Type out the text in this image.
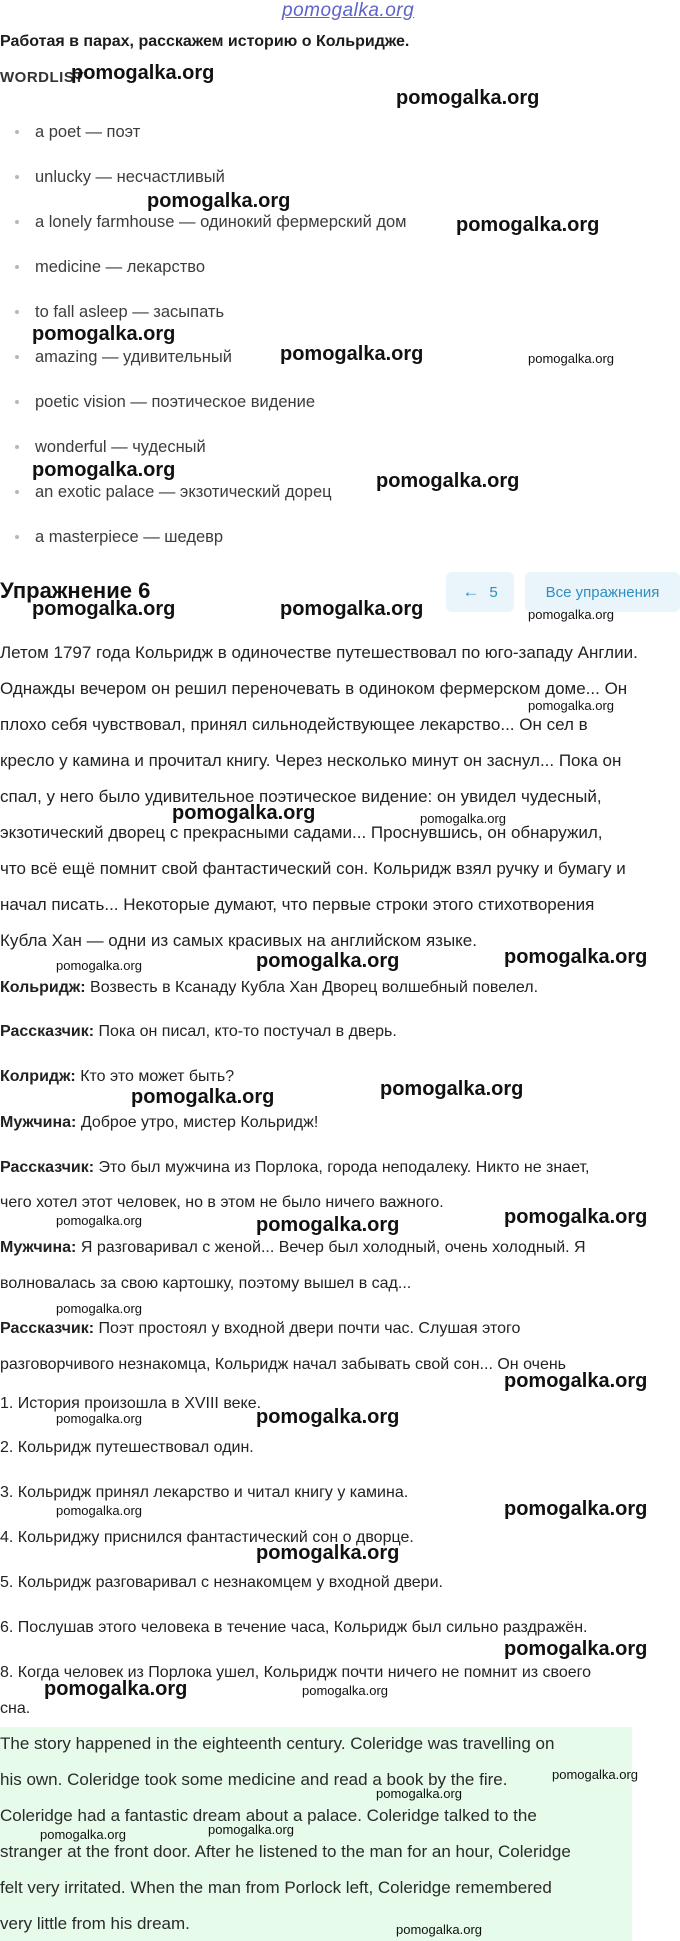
pomogalka.org
Работая в парах, расскажем историю о Кольридже.
WORDLIST
a poet — поэт
unlucky — несчастливый
a lonely farmhouse — одинокий фермерский дом
medicine — лекарство
to fall asleep — засыпать
amazing — удивительный
poetic vision — поэтическое видение
wonderful — чудесный
an exotic palace — экзотический дорец
a masterpiece — шедевр
Упражнение 6	← 5	Все упражнения
Летом 1797 года Кольридж в одиночестве путешествовал по юго-западу Англии.
Однажды вечером он решил переночевать в одиноком фермерском доме... Он
плохо себя чувствовал, принял сильнодействующее лекарство... Он сел в
кресло у камина и прочитал книгу. Через несколько минут он заснул... Пока он
спал, у него было удивительное поэтическое видение: он увидел чудесный,
экзотический дворец с прекрасными садами... Проснувшись, он обнаружил,
что всё ещё помнит свой фантастический сон. Кольридж взял ручку и бумагу и
начал писать... Некоторые думают, что первые строки этого стихотворения
Кубла Хан — одни из самых красивых на английском языке.
Кольридж: Возвесть в Ксанаду Кубла Хан Дворец волшебный повелел.
Рассказчик: Пока он писал, кто-то постучал в дверь.
Колридж: Кто это может быть?
Мужчина: Доброе утро, мистер Кольридж!
Рассказчик: Это был мужчина из Порлока, города неподалеку. Никто не знает,
чего хотел этот человек, но в этом не было ничего важного.
Мужчина: Я разговаривал с женой... Вечер был холодный, очень холодный. Я
волновалась за свою картошку, поэтому вышел в сад...
Рассказчик: Поэт простоял у входной двери почти час. Слушая этого
разговорчивого незнакомца, Кольридж начал забывать свой сон... Он очень
1. История произошла в XVIII веке.
2. Кольридж путешествовал один.
3. Кольридж принял лекарство и читал книгу у камина.
4. Кольриджу приснился фантастический сон о дворце.
5. Кольридж разговаривал с незнакомцем у входной двери.
6. Послушав этого человека в течение часа, Кольридж был сильно раздражён.
8. Когда человек из Порлока ушел, Кольридж почти ничего не помнит из своего
сна.
The story happened in the eighteenth century. Coleridge was travelling on
his own. Coleridge took some medicine and read a book by the fire.
Coleridge had a fantastic dream about a palace. Coleridge talked to the
stranger at the front door. After he listened to the man for an hour, Coleridge
felt very irritated. When the man from Porlock left, Coleridge remembered
very little from his dream.
pomogalka.org
pomogalka.org
pomogalka.org
pomogalka.org
pomogalka.org
pomogalka.org	pomogalka.org
pomogalka.org	pomogalka.org
pomogalka.org	pomogalka.org	pomogalka.org
pomogalka.org
pomogalka.org	pomogalka.org
pomogalka.org	pomogalka.org	pomogalka.org
pomogalka.org	pomogalka.org
pomogalka.org	pomogalka.org	pomogalka.org
pomogalka.org
pomogalka.org
pomogalka.org	pomogalka.org
pomogalka.org	pomogalka.org
pomogalka.org
pomogalka.org
pomogalka.org	pomogalka.org
pomogalka.org
pomogalka.org
pomogalka.org	pomogalka.org
pomogalka.org
